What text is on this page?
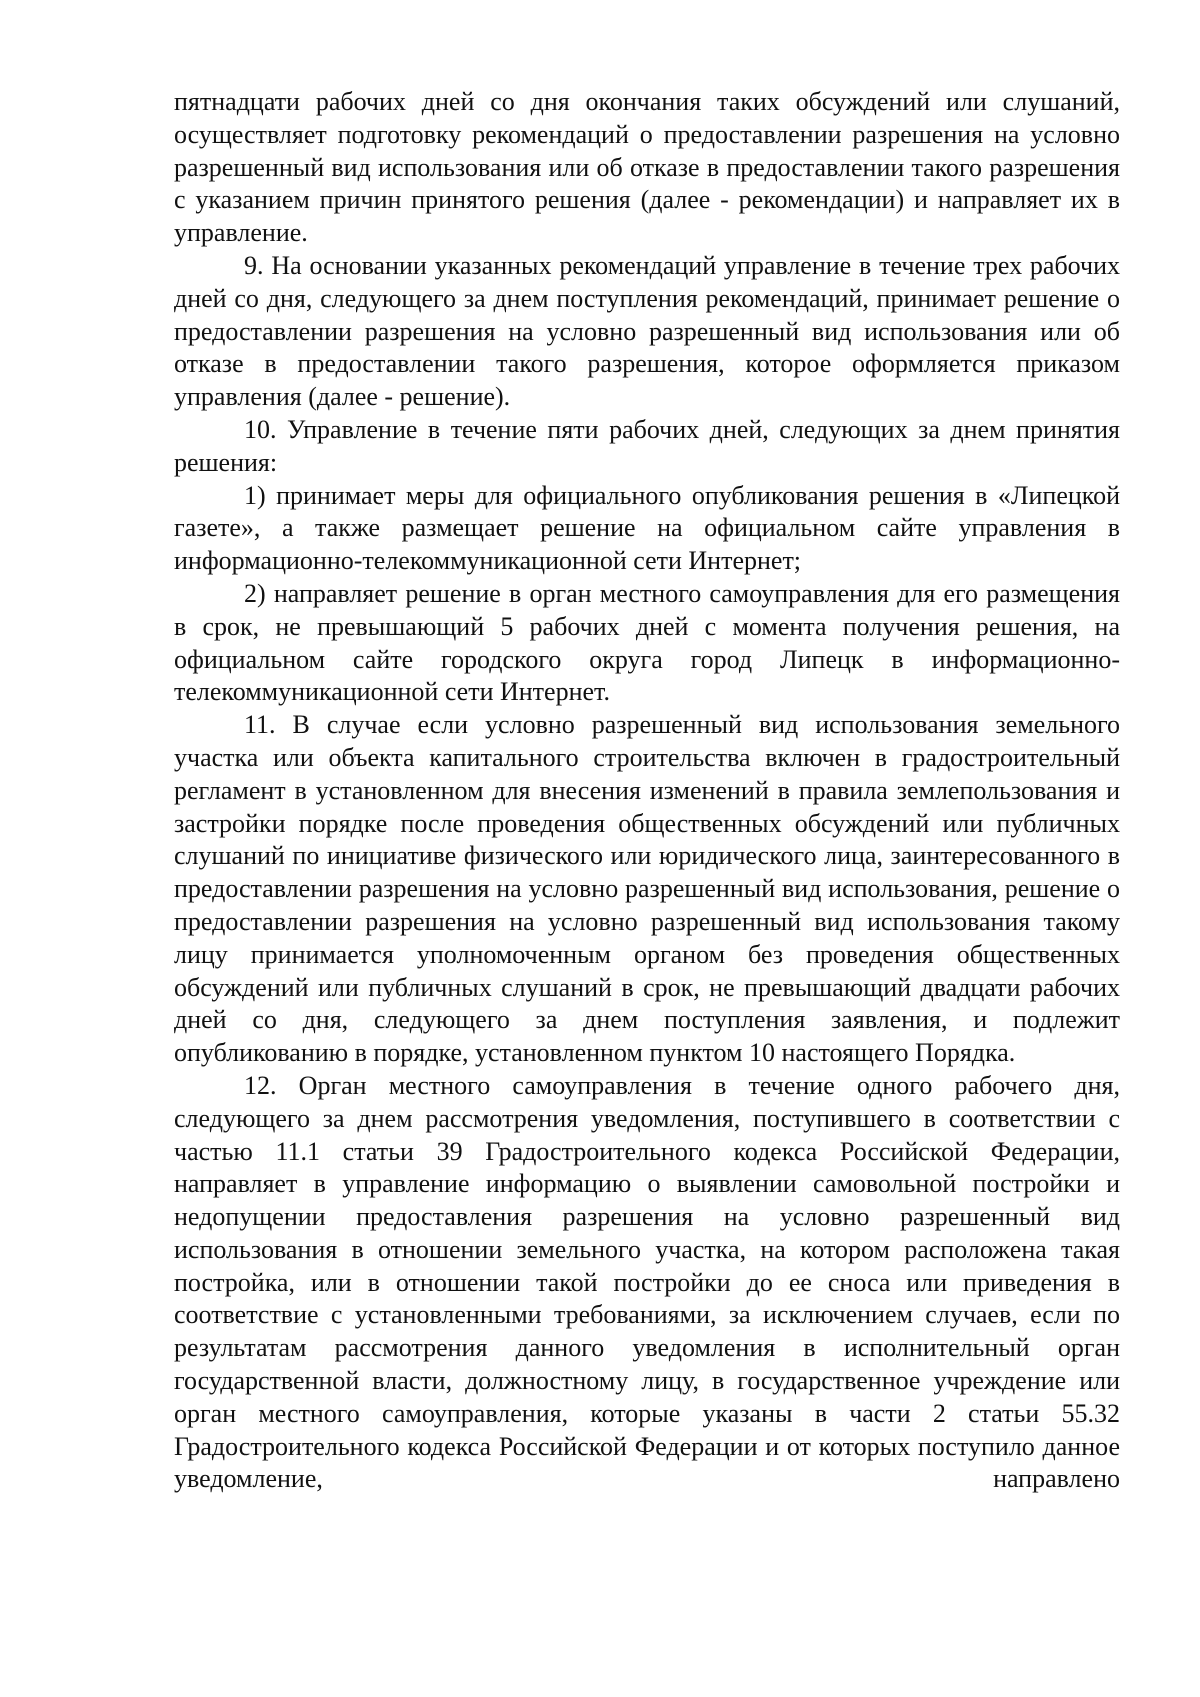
пятнадцати рабочих дней со дня окончания таких обсуждений или слушаний, осуществляет подготовку рекомендаций о предоставлении разрешения на условно разрешенный вид использования или об отказе в предоставлении такого разрешения с указанием причин принятого решения (далее - рекомендации) и направляет их в управление.

9. На основании указанных рекомендаций управление в течение трех рабочих дней со дня, следующего за днем поступления рекомендаций, принимает решение о предоставлении разрешения на условно разрешенный вид использования или об отказе в предоставлении такого разрешения, которое оформляется приказом управления (далее - решение).

10. Управление в течение пяти рабочих дней, следующих за днем принятия решения:

1) принимает меры для официального опубликования решения в «Липецкой газете», а также размещает решение на официальном сайте управления в информационно-телекоммуникационной сети Интернет;

2) направляет решение в орган местного самоуправления для его размещения в срок, не превышающий 5 рабочих дней с момента получения решения, на официальном сайте городского округа город Липецк в информационно-телекоммуникационной сети Интернет.

11. В случае если условно разрешенный вид использования земельного участка или объекта капитального строительства включен в градостроительный регламент в установленном для внесения изменений в правила землепользования и застройки порядке после проведения общественных обсуждений или публичных слушаний по инициативе физического или юридического лица, заинтересованного в предоставлении разрешения на условно разрешенный вид использования, решение о предоставлении разрешения на условно разрешенный вид использования такому лицу принимается уполномоченным органом без проведения общественных обсуждений или публичных слушаний в срок, не превышающий двадцати рабочих дней со дня, следующего за днем поступления заявления, и подлежит опубликованию в порядке, установленном пунктом 10 настоящего Порядка.

12. Орган местного самоуправления в течение одного рабочего дня, следующего за днем рассмотрения уведомления, поступившего в соответствии с частью 11.1 статьи 39 Градостроительного кодекса Российской Федерации, направляет в управление информацию о выявлении самовольной постройки и недопущении предоставления разрешения на условно разрешенный вид использования в отношении земельного участка, на котором расположена такая постройка, или в отношении такой постройки до ее сноса или приведения в соответствие с установленными требованиями, за исключением случаев, если по результатам рассмотрения данного уведомления в исполнительный орган государственной власти, должностному лицу, в государственное учреждение или орган местного самоуправления, которые указаны в части 2 статьи 55.32 Градостроительного кодекса Российской Федерации и от которых поступило данное уведомление, направлено
